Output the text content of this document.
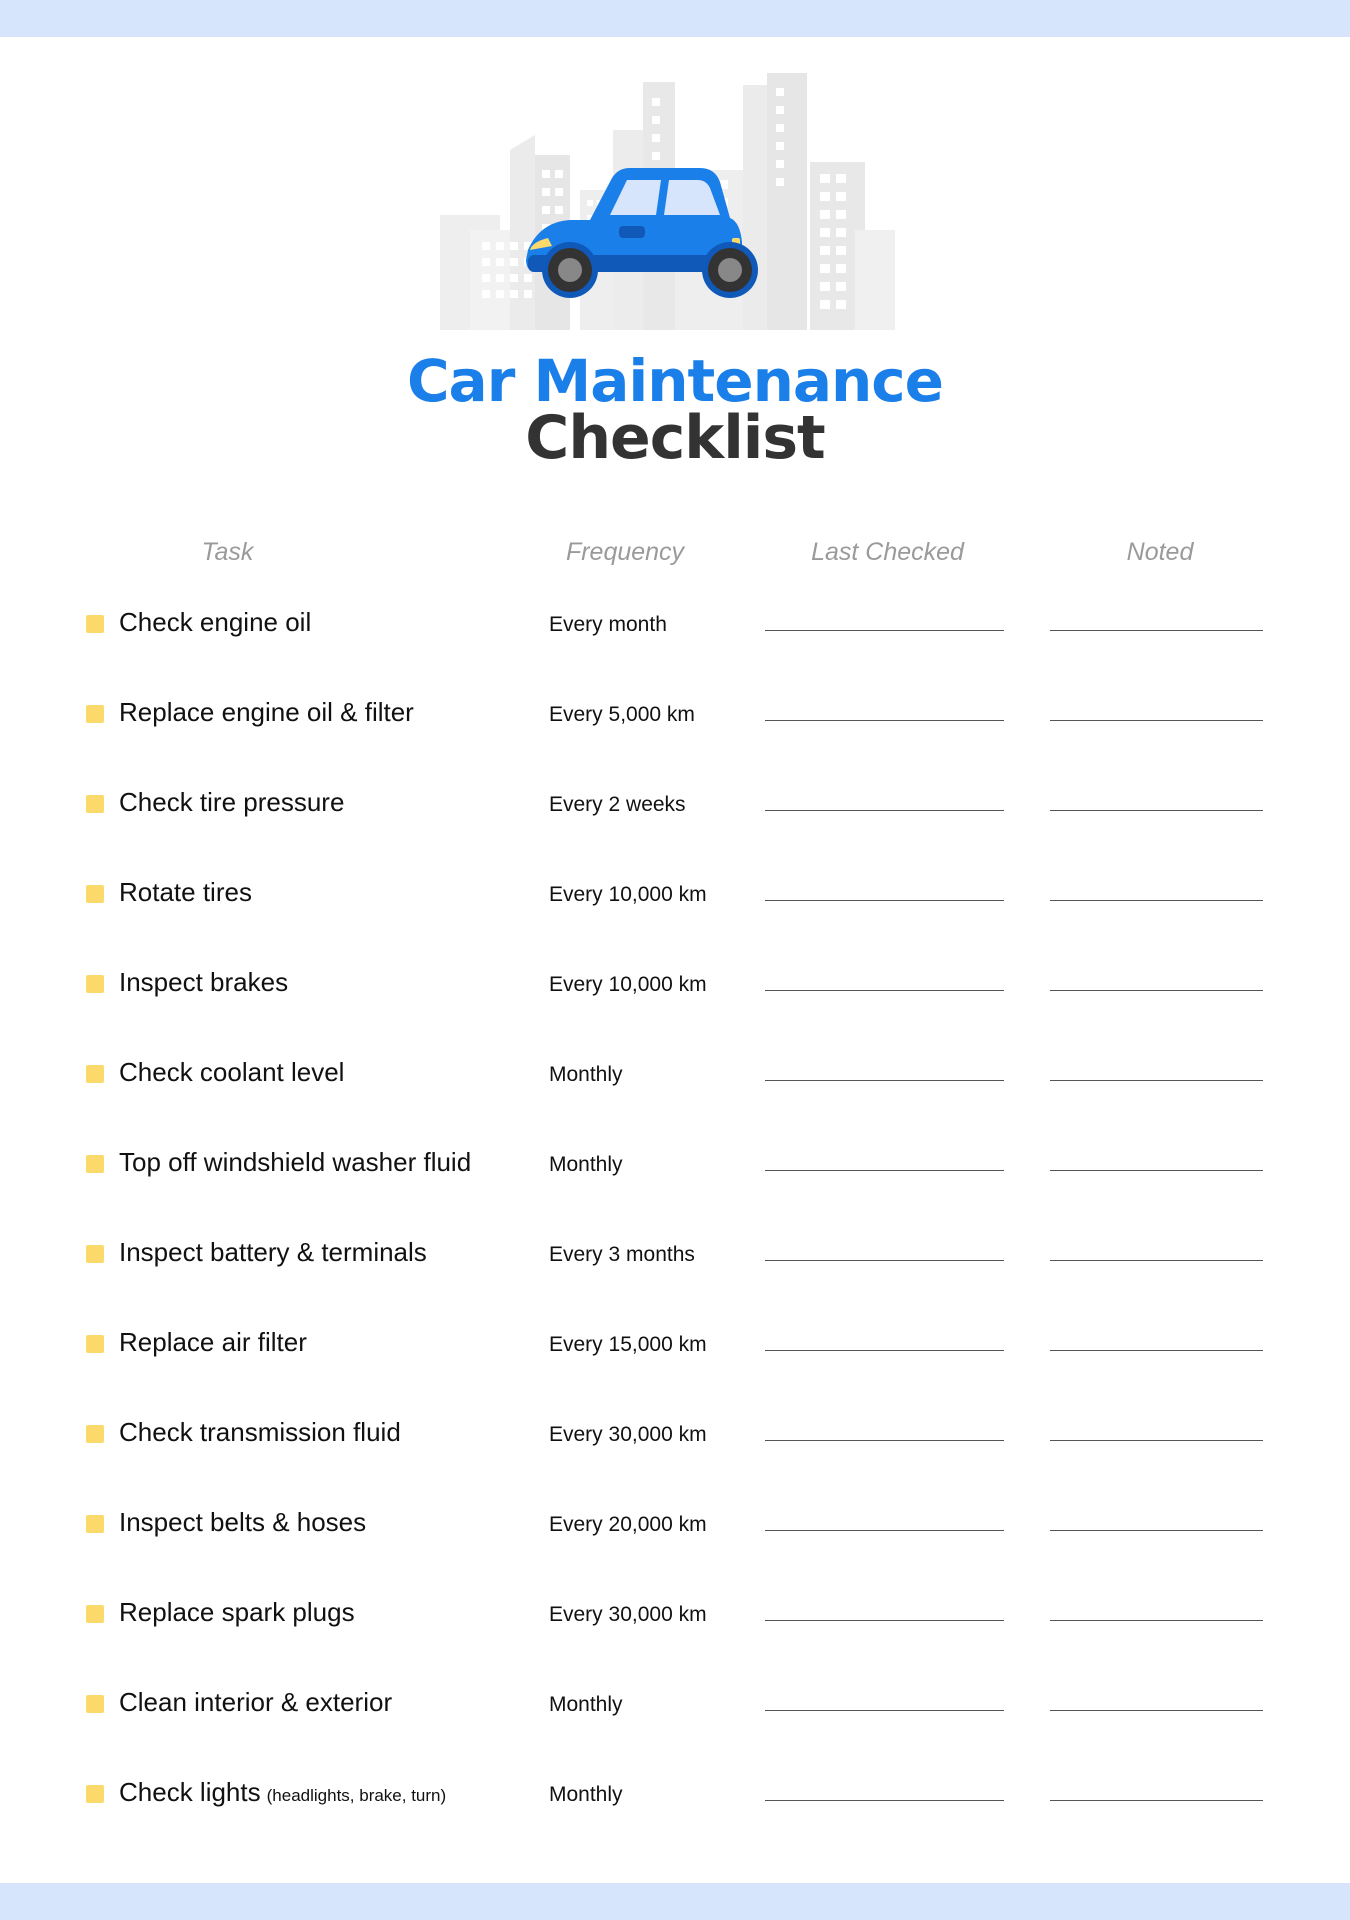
Car Maintenance
Checklist
Task	Frequency	Last Checked	Noted
Check engine oil	Every month
Replace engine oil & filter	Every 5,000 km
Check tire pressure	Every 2 weeks
Rotate tires	Every 10,000 km
Inspect brakes	Every 10,000 km
Check coolant level	Monthly
Top off windshield washer fluid	Monthly
Inspect battery & terminals	Every 3 months
Replace air filter	Every 15,000 km
Check transmission fluid	Every 30,000 km
Inspect belts & hoses	Every 20,000 km
Replace spark plugs	Every 30,000 km
Clean interior & exterior	Monthly
Check lights (headlights, brake, turn)	Monthly
